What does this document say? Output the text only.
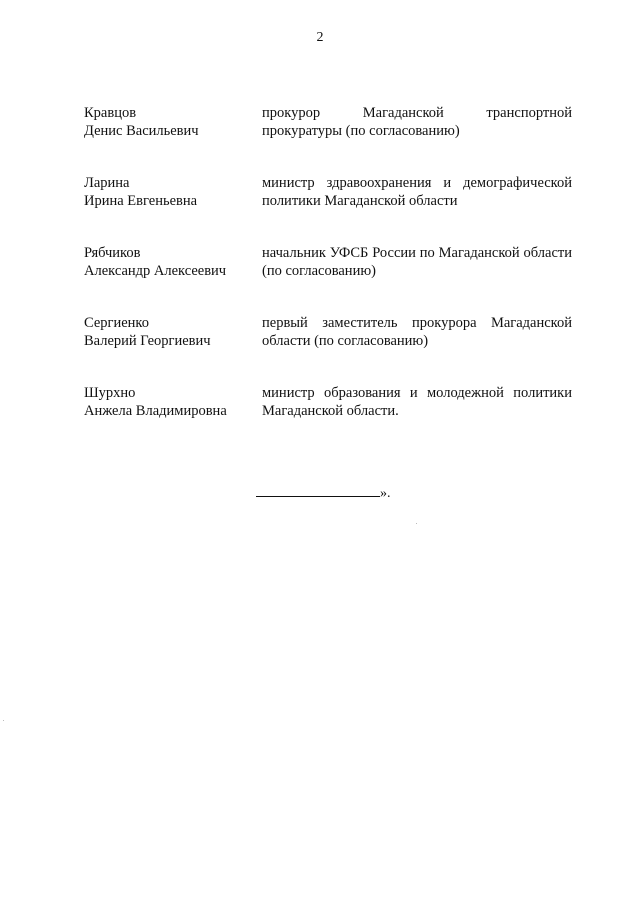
2
Кравцов
Денис Васильевич
прокурор Магаданской транспортной прокуратуры (по согласованию)
Ларина
Ирина Евгеньевна
министр здравоохранения и демографической политики Магаданской области
Рябчиков
Александр Алексеевич
начальник УФСБ России по Магаданской области (по согласованию)
Сергиенко
Валерий Георгиевич
первый заместитель прокурора Магаданской области (по согласованию)
Шурхно
Анжела Владимировна
министр образования и молодежной политики Магаданской области.
».
